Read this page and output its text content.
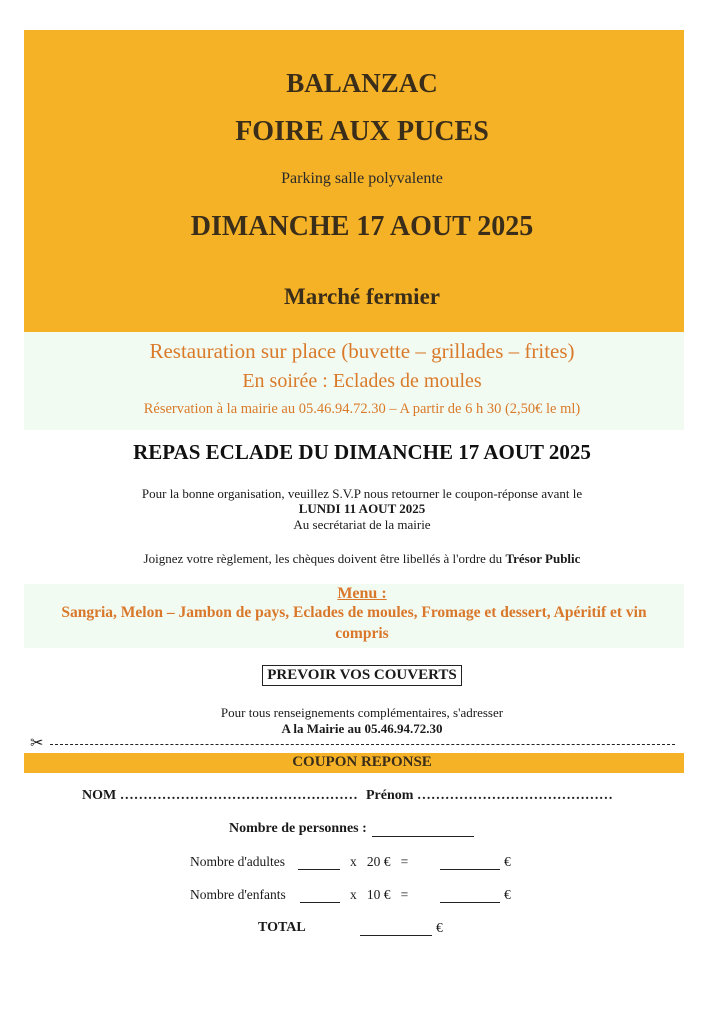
BALANZAC
FOIRE AUX PUCES
Parking salle polyvalente
DIMANCHE 17 AOUT 2025
Marché fermier
Restauration sur place (buvette – grillades – frites)
En soirée : Eclades de moules
Réservation à la mairie au 05.46.94.72.30 – A partir de 6 h 30 (2,50€ le ml)
REPAS ECLADE DU DIMANCHE 17 AOUT 2025
Pour la bonne organisation, veuillez S.V.P nous retourner le coupon-réponse avant le
LUNDI 11 AOUT 2025
Au secrétariat de la mairie
Joignez votre règlement, les chèques doivent être libellés à l'ordre du Trésor Public
Menu :
Sangria, Melon – Jambon de pays, Eclades de moules, Fromage et dessert, Apéritif et vin
compris
PREVOIR VOS COUVERTS
Pour tous renseignements complémentaires, s'adresser
A la Mairie au 05.46.94.72.30
✂
COUPON REPONSE
NOM …………………………………………… Prénom ……………………………………
Nombre de personnes :
Nombre d'adultes	x   20 €   =	€
Nombre d'enfants	x   10 €   =	€
TOTAL	€
